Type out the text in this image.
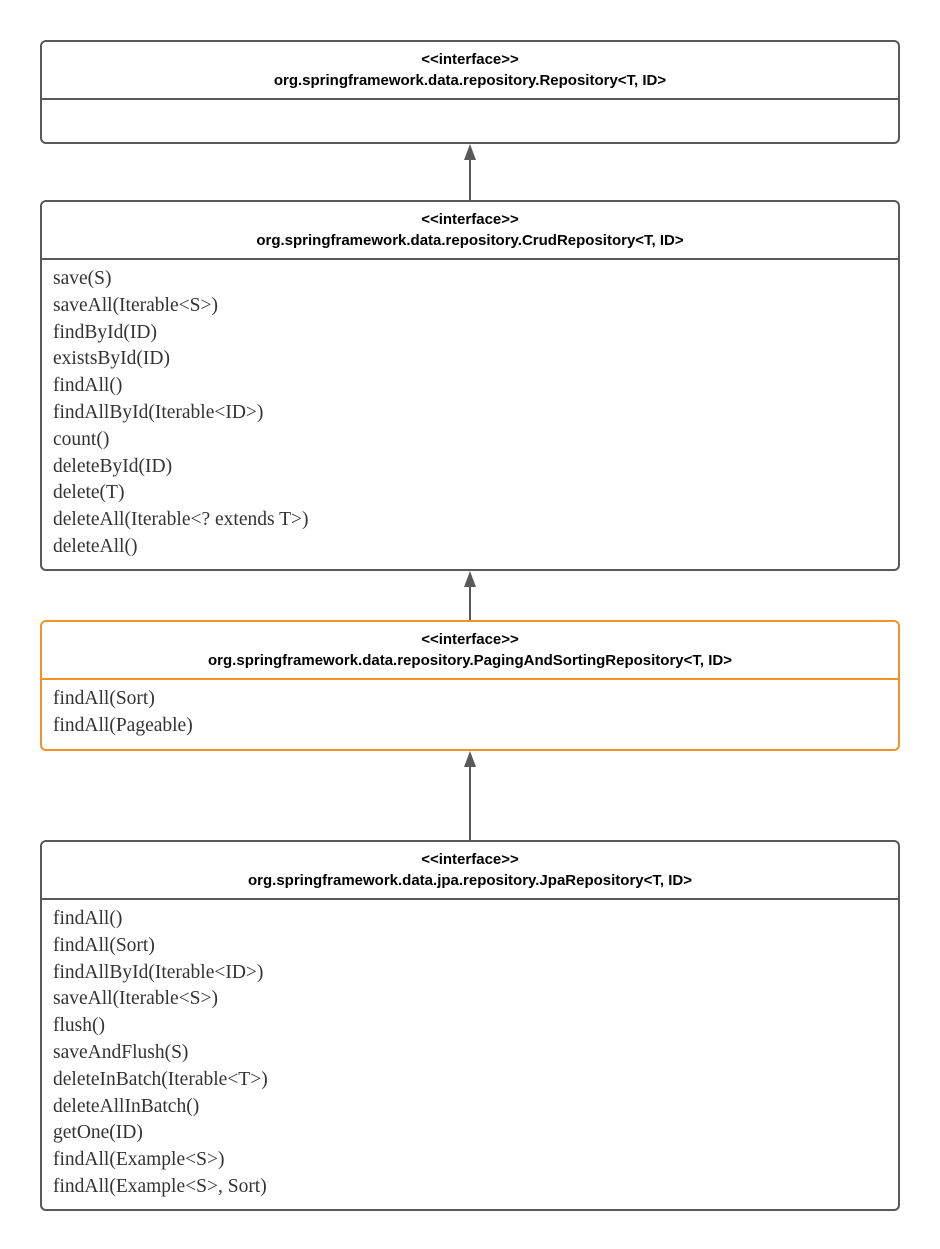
<<interface>>
org.springframework.data.repository.Repository<T, ID>
<<interface>>
org.springframework.data.repository.CrudRepository<T, ID>
save(S)
saveAll(Iterable<S>)
findById(ID)
existsById(ID)
findAll()
findAllById(Iterable<ID>)
count()
deleteById(ID)
delete(T)
deleteAll(Iterable<? extends T>)
deleteAll()
<<interface>>
org.springframework.data.repository.PagingAndSortingRepository<T, ID>
findAll(Sort)
findAll(Pageable)
<<interface>>
org.springframework.data.jpa.repository.JpaRepository<T, ID>
findAll()
findAll(Sort)
findAllById(Iterable<ID>)
saveAll(Iterable<S>)
flush()
saveAndFlush(S)
deleteInBatch(Iterable<T>)
deleteAllInBatch()
getOne(ID)
findAll(Example<S>)
findAll(Example<S>, Sort)
